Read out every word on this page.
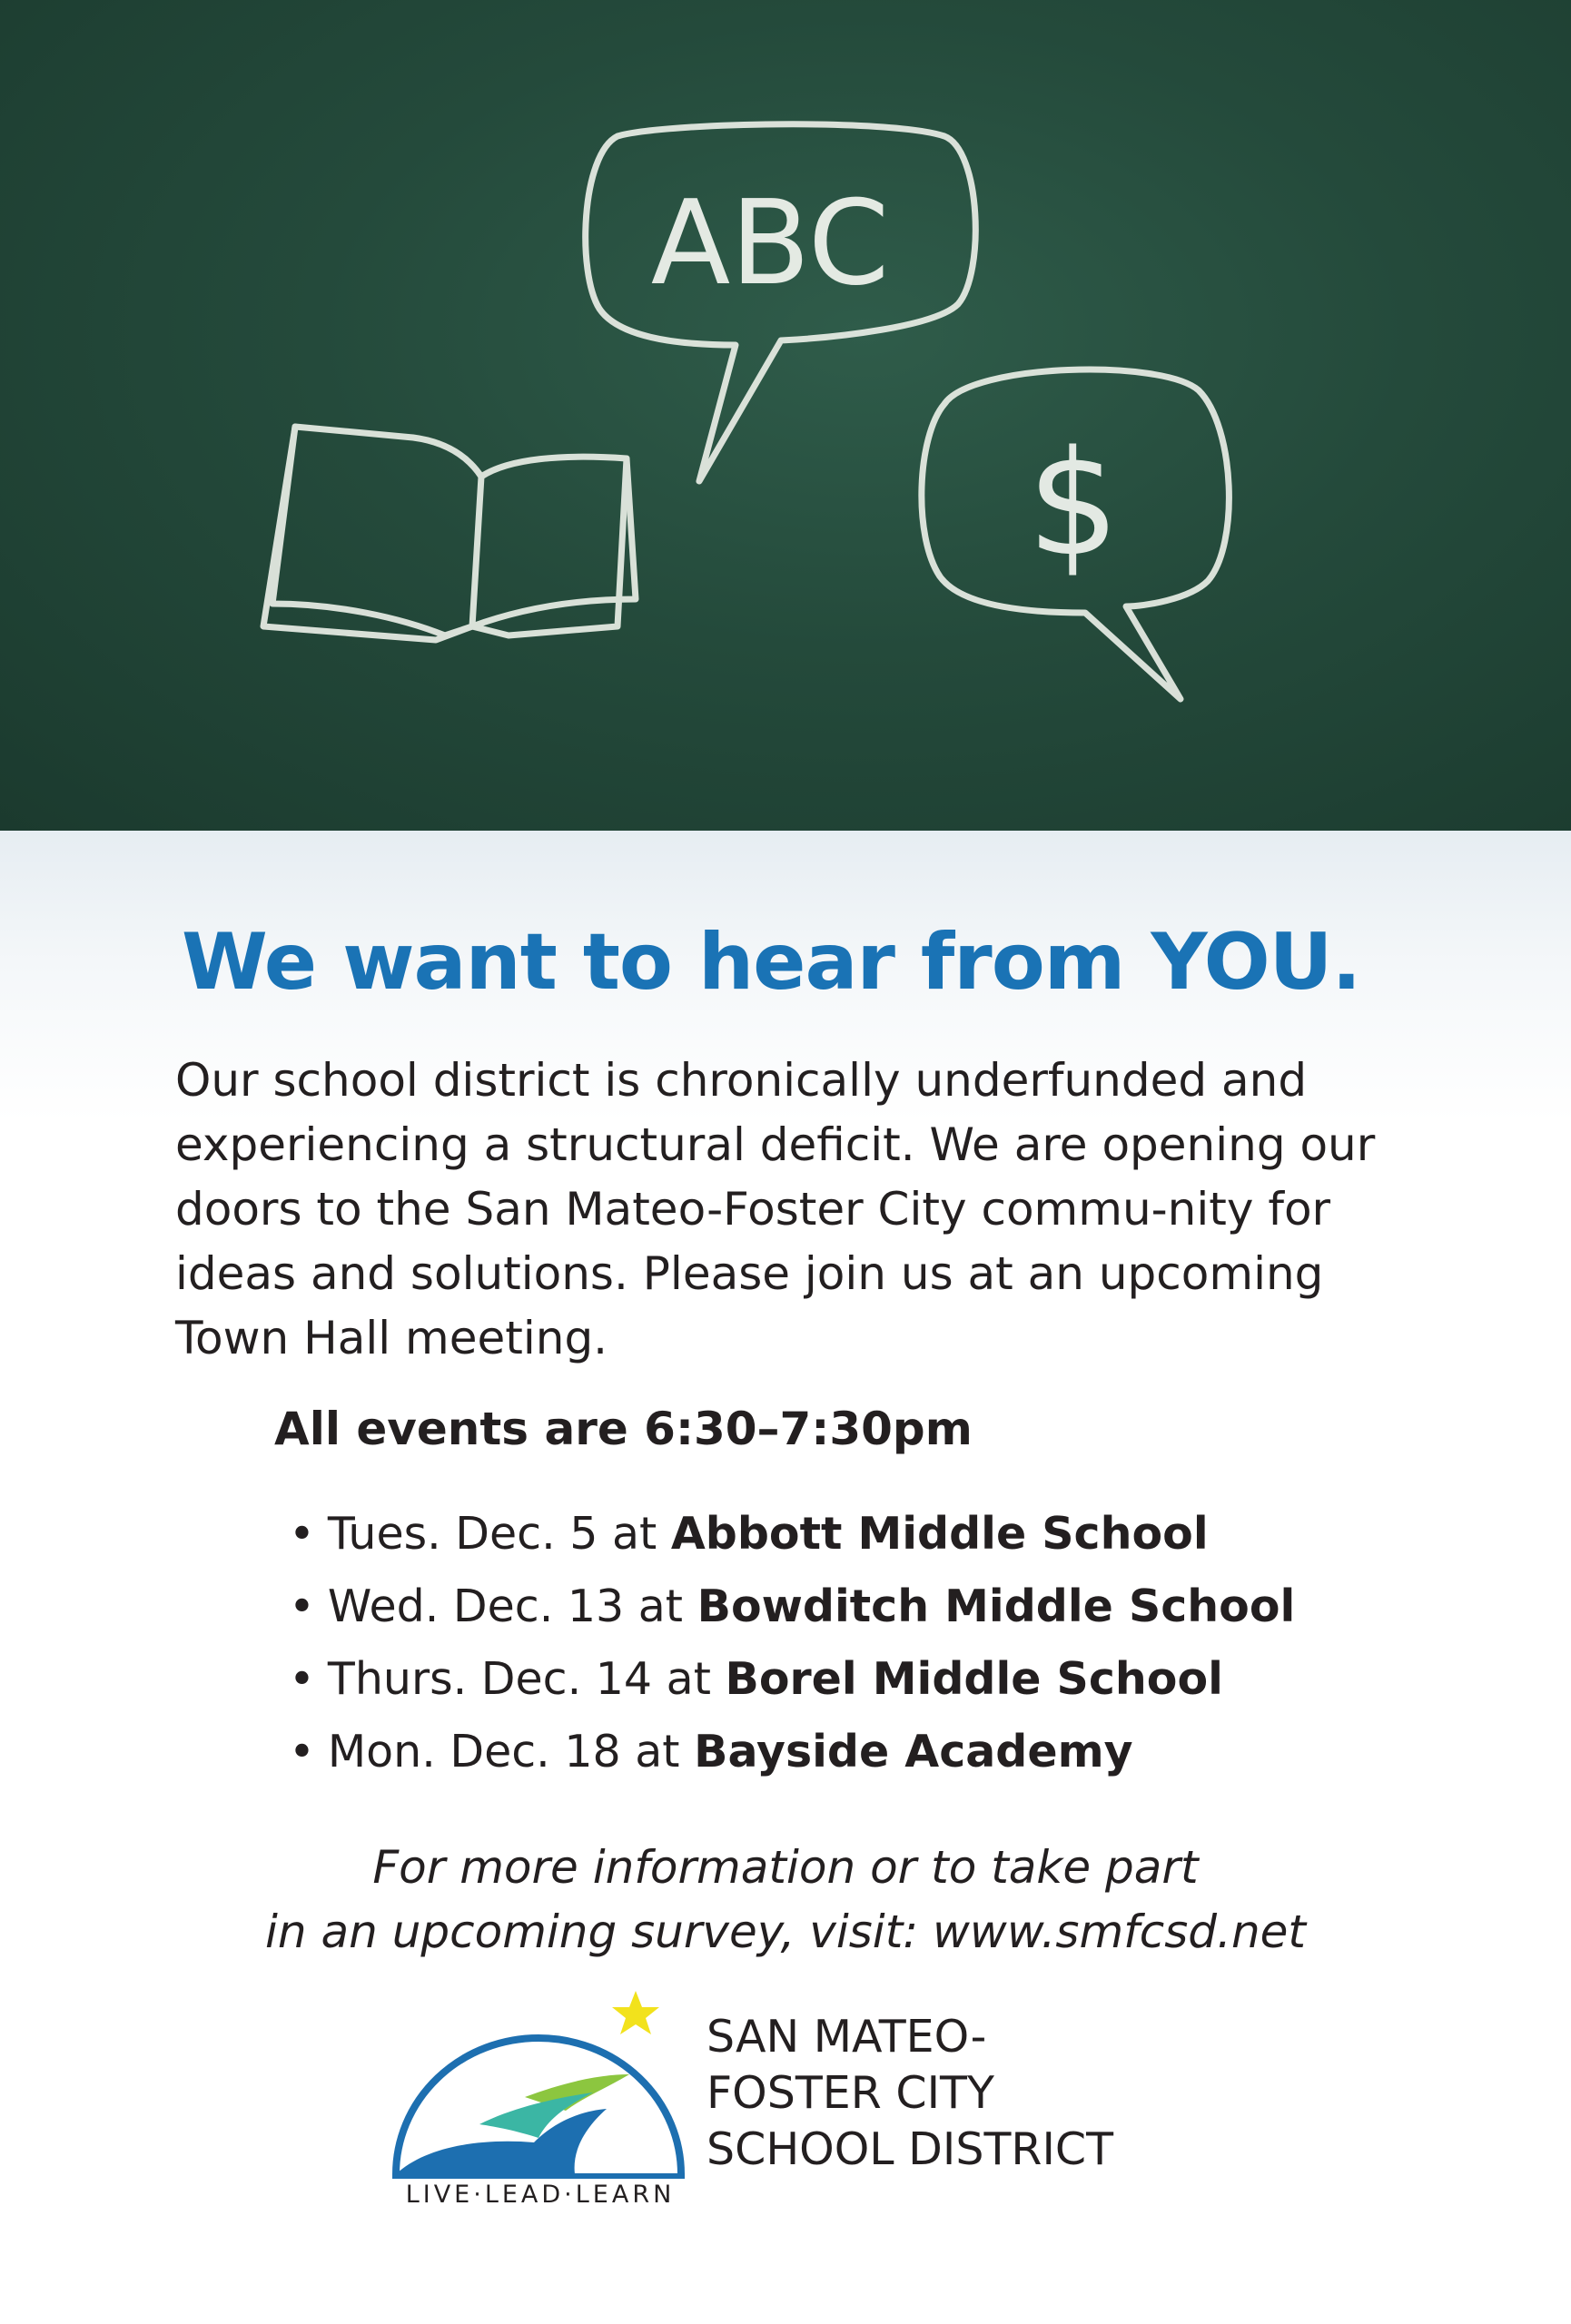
ABC
$
We want to hear from YOU.

Our school district is chronically underfunded and experiencing a structural deficit. We are opening our doors to the San Mateo-Foster City commu-nity for ideas and solutions. Please join us at an upcoming Town Hall meeting.

All events are 6:30–7:30pm

• Tues. Dec. 5 at Abbott Middle School
• Wed. Dec. 13 at Bowditch Middle School
• Thurs. Dec. 14 at Borel Middle School
• Mon. Dec. 18 at Bayside Academy
For more information or to take part
in an upcoming survey, visit: www.smfcsd.net
LIVE·LEAD·LEARN
SAN MATEO-
FOSTER CITY
SCHOOL DISTRICT
